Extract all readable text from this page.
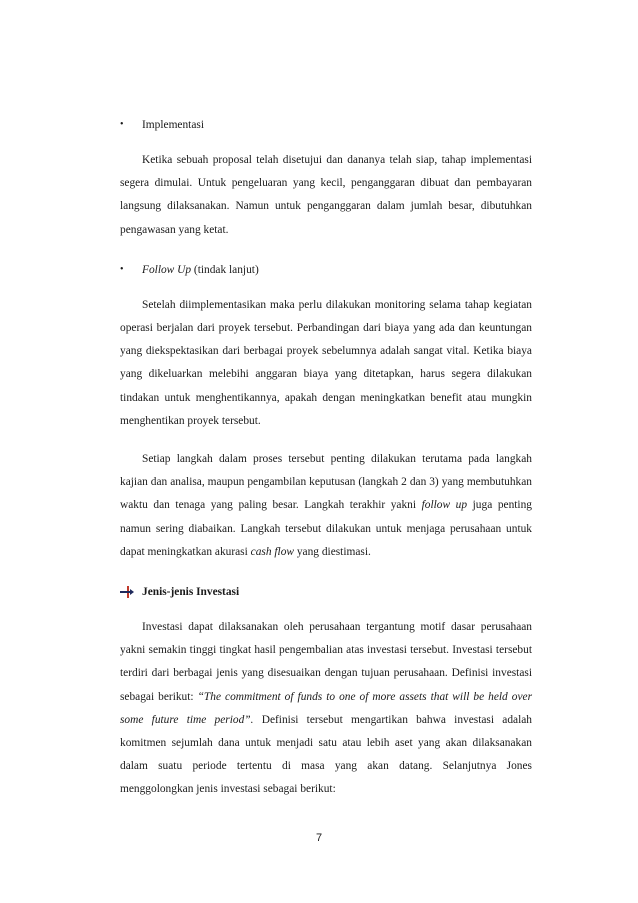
•	Implementasi

Ketika sebuah proposal telah disetujui dan dananya telah siap, tahap implementasi segera dimulai. Untuk pengeluaran yang kecil, penganggaran dibuat dan pembayaran langsung dilaksanakan. Namun untuk penganggaran dalam jumlah besar, dibutuhkan pengawasan yang ketat.

•	Follow Up (tindak lanjut)

Setelah diimplementasikan maka perlu dilakukan monitoring selama tahap kegiatan operasi berjalan dari proyek tersebut. Perbandingan dari biaya yang ada dan keuntungan yang diekspektasikan dari berbagai proyek sebelumnya adalah sangat vital. Ketika biaya yang dikeluarkan melebihi anggaran biaya yang ditetapkan, harus segera dilakukan tindakan untuk menghentikannya, apakah dengan meningkatkan benefit atau mungkin menghentikan proyek tersebut.

Setiap langkah dalam proses tersebut penting dilakukan terutama pada langkah kajian dan analisa, maupun pengambilan keputusan (langkah 2 dan 3) yang membutuhkan waktu dan tenaga yang paling besar. Langkah terakhir yakni follow up juga penting namun sering diabaikan. Langkah tersebut dilakukan untuk menjaga perusahaan untuk dapat meningkatkan akurasi cash flow yang diestimasi.

Jenis-jenis Investasi

Investasi dapat dilaksanakan oleh perusahaan tergantung motif dasar perusahaan yakni semakin tinggi tingkat hasil pengembalian atas investasi tersebut. Investasi tersebut terdiri dari berbagai jenis yang disesuaikan dengan tujuan perusahaan. Definisi investasi sebagai berikut: “The commitment of funds to one of more assets that will be held over some future time period”. Definisi tersebut mengartikan bahwa investasi adalah komitmen sejumlah dana untuk menjadi satu atau lebih aset yang akan dilaksanakan dalam suatu periode tertentu di masa yang akan datang. Selanjutnya Jones menggolongkan jenis investasi sebagai berikut:

7
